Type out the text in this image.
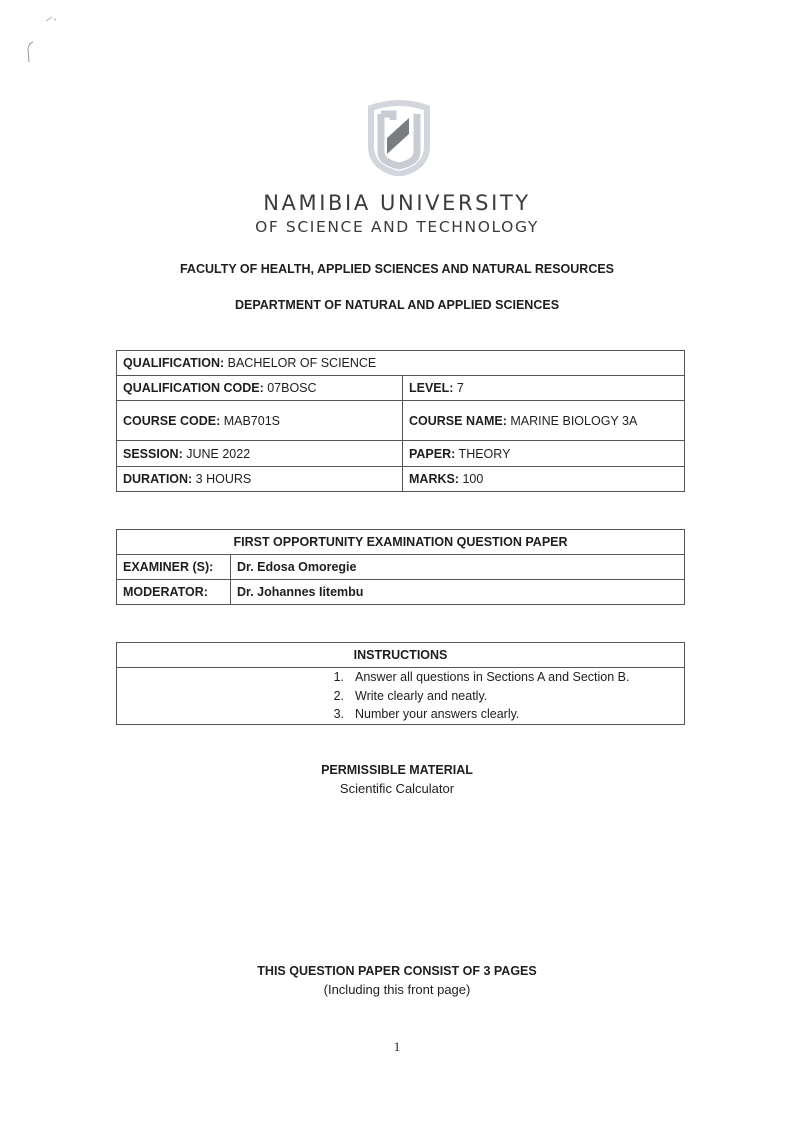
NAMIBIA UNIVERSITY
OF SCIENCE AND TECHNOLOGY
FACULTY OF HEALTH, APPLIED SCIENCES AND NATURAL RESOURCES
DEPARTMENT OF NATURAL AND APPLIED SCIENCES
QUALIFICATION: BACHELOR OF SCIENCE	
QUALIFICATION CODE: 07BOSC	LEVEL: 7
COURSE CODE: MAB701S	COURSE NAME: MARINE BIOLOGY 3A
SESSION: JUNE 2022	PAPER: THEORY
DURATION: 3 HOURS	MARKS: 100
FIRST OPPORTUNITY EXAMINATION QUESTION PAPER	
EXAMINER (S):	Dr. Edosa Omoregie
MODERATOR:	Dr. Johannes Iitembu
INSTRUCTIONS

1. Answer all questions in Sections A and Section B.
2. Write clearly and neatly.
3. Number your answers clearly.
PERMISSIBLE MATERIAL
Scientific Calculator
THIS QUESTION PAPER CONSIST OF 3 PAGES
(Including this front page)
1
